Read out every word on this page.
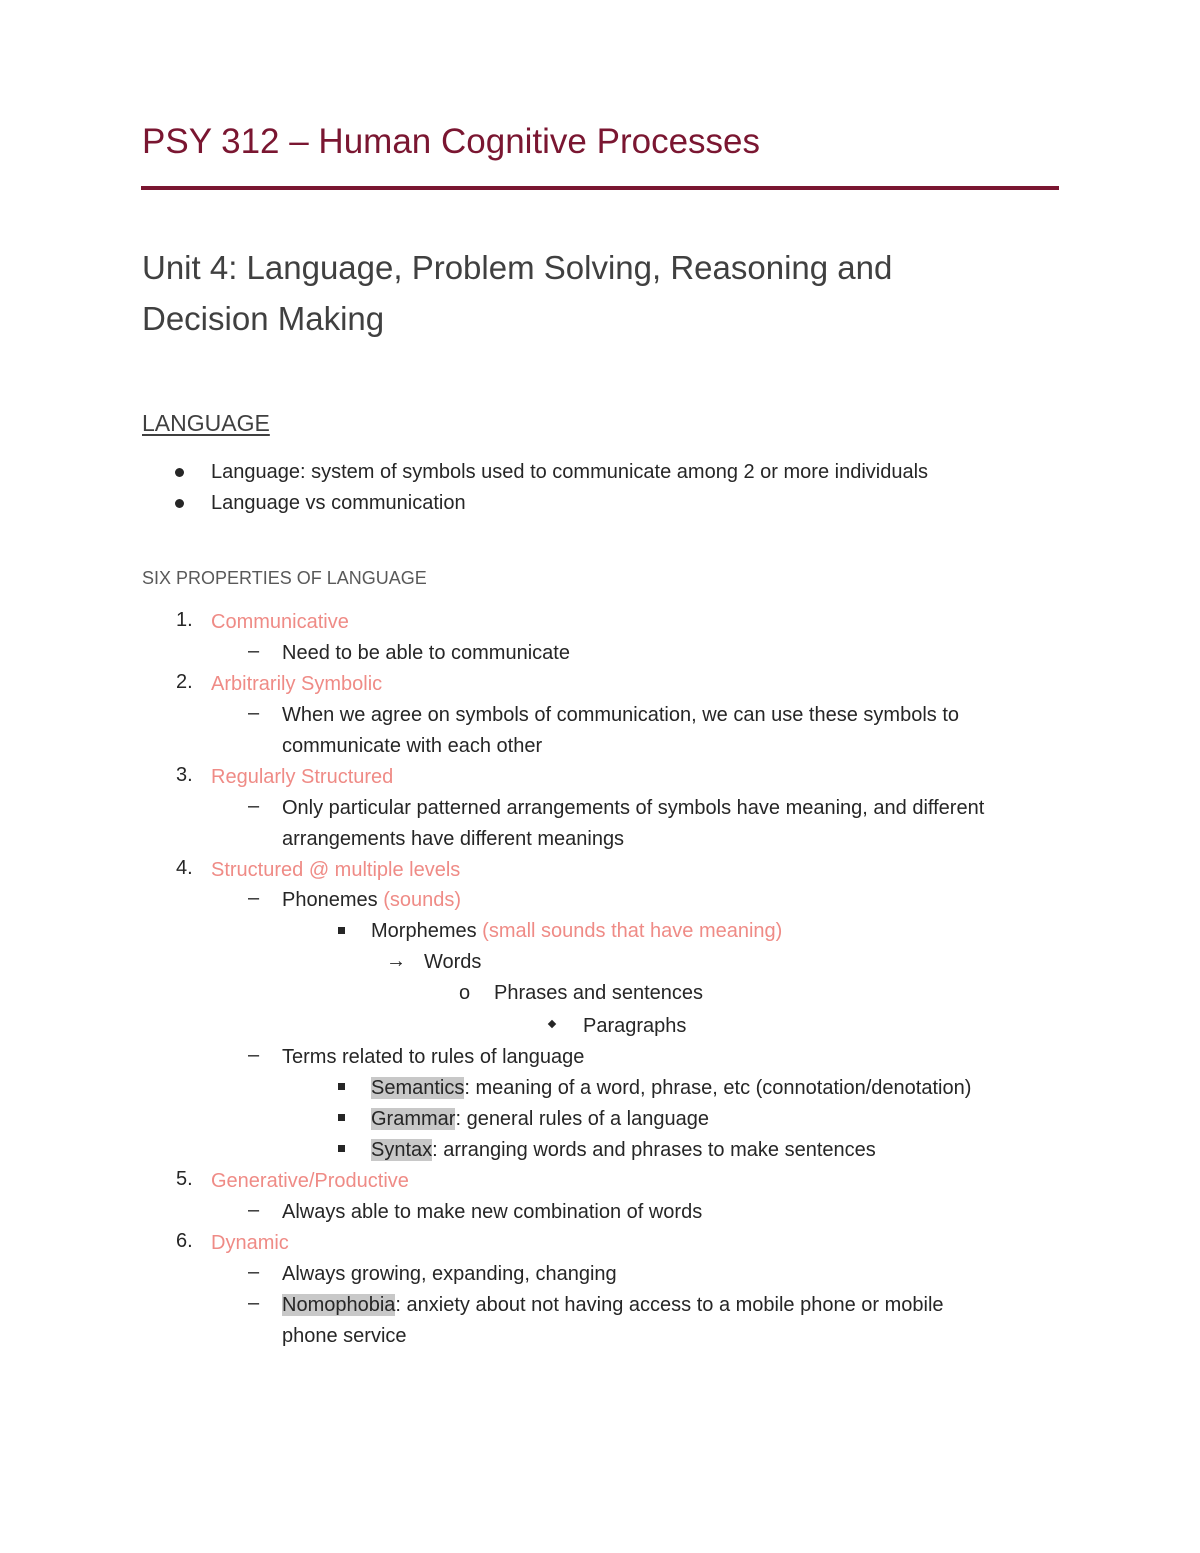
PSY 312 – Human Cognitive Processes
Unit 4: Language, Problem Solving, Reasoning and
Decision Making
LANGUAGE
Language: system of symbols used to communicate among 2 or more individuals
Language vs communication
SIX PROPERTIES OF LANGUAGE
1. Communicative
– Need to be able to communicate
2. Arbitrarily Symbolic
– When we agree on symbols of communication, we can use these symbols to
communicate with each other
3. Regularly Structured
– Only particular patterned arrangements of symbols have meaning, and different
arrangements have different meanings
4. Structured @ multiple levels
– Phonemes (sounds)
Morphemes (small sounds that have meaning)
→ Words
o Phrases and sentences
Paragraphs
– Terms related to rules of language
Semantics: meaning of a word, phrase, etc (connotation/denotation)
Grammar: general rules of a language
Syntax: arranging words and phrases to make sentences
5. Generative/Productive
– Always able to make new combination of words
6. Dynamic
– Always growing, expanding, changing
– Nomophobia: anxiety about not having access to a mobile phone or mobile
phone service
